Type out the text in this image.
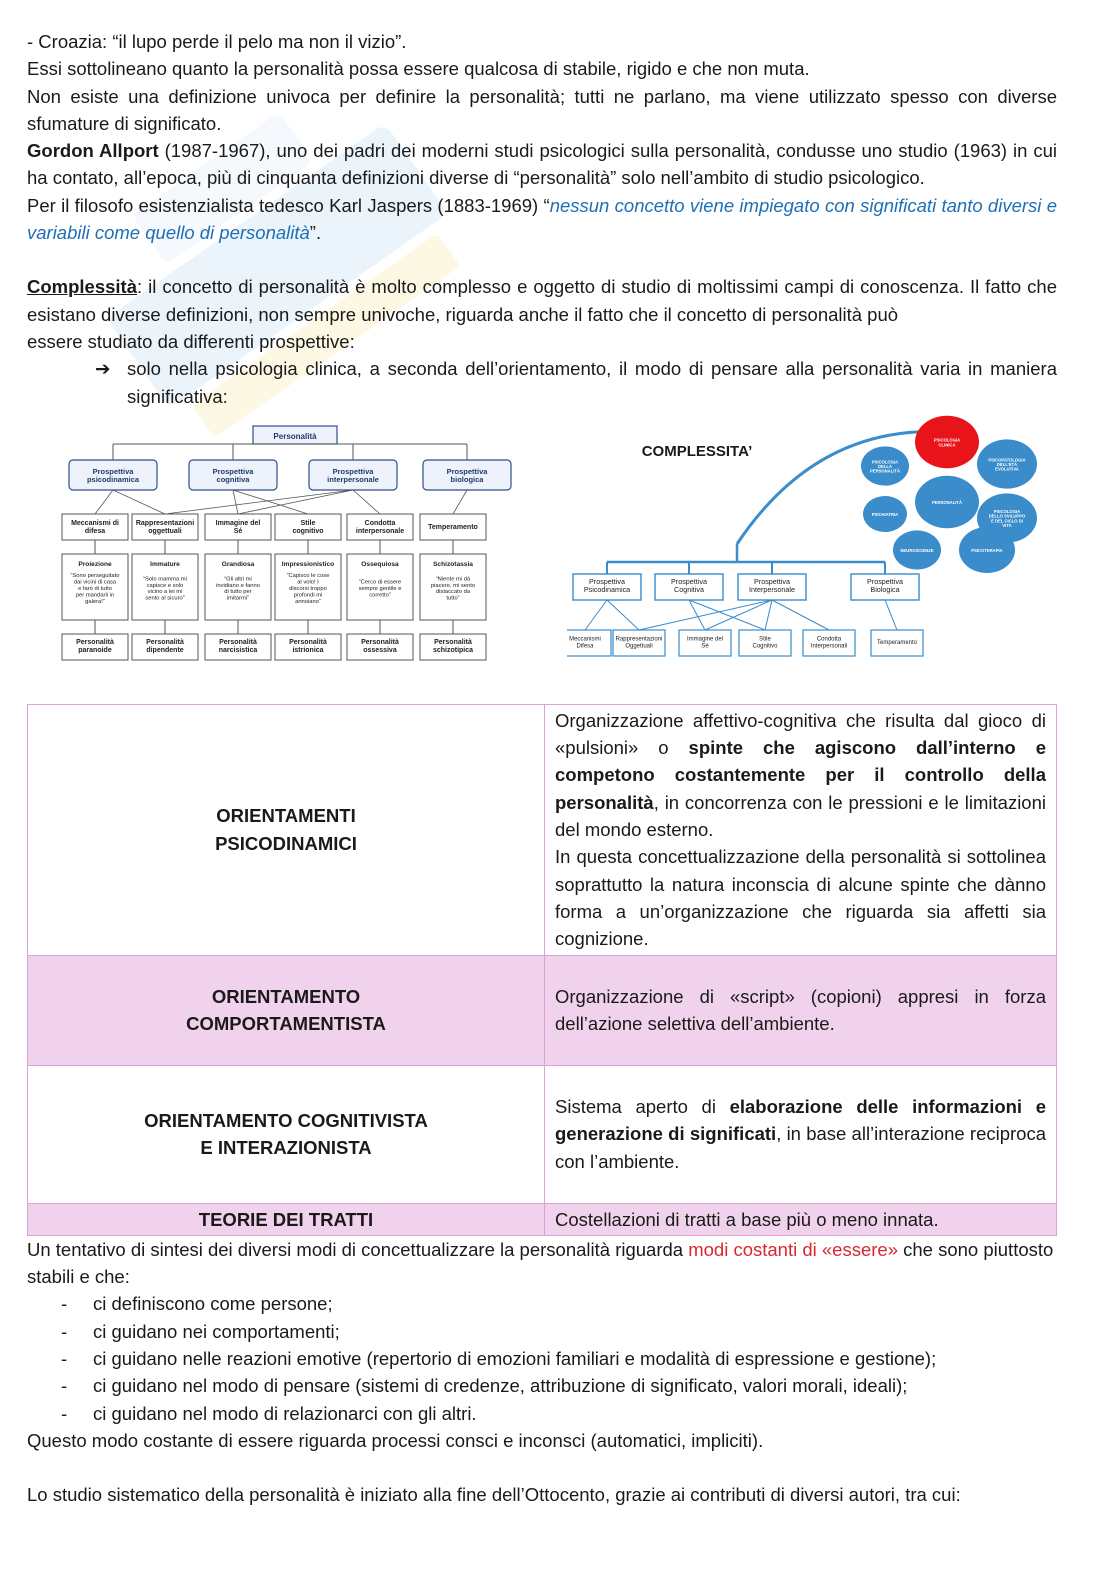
- Croazia: “il lupo perde il pelo ma non il vizio”.

Essi sottolineano quanto la personalità possa essere qualcosa di stabile, rigido e che non muta.

Non esiste una definizione univoca per definire la personalità; tutti ne parlano, ma viene utilizzato spesso con diverse sfumature di significato.

Gordon Allport (1987-1967), uno dei padri dei moderni studi psicologici sulla personalità, condusse uno studio (1963) in cui ha contato, all’epoca, più di cinquanta definizioni diverse di “personalità” solo nell’ambito di studio psicologico.

Per il filosofo esistenzialista tedesco Karl Jaspers (1883-1969) “nessun concetto viene impiegato con significati tanto diversi e variabili come quello di personalità”.

Complessità: il concetto di personalità è molto complesso e oggetto di studio di moltissimi campi di conoscenza. Il fatto che esistano diverse definizioni, non sempre univoche, riguarda anche il fatto che il concetto di personalità può

essere studiato da differenti prospettive:

➔ solo nella psicologia clinica, a seconda dell’orientamento, il modo di pensare alla personalità varia in maniera significativa:
Personalità
Prospettiva psicodinamica
Prospettiva cognitiva
Prospettiva interpersonale
Prospettiva biologica
Meccanismi di difesa
Proiezione
“Sono perseguitato dai vicini di casa e farò di tutto per mandarli in galera!”
Personalità paranoide
Rappresentazioni oggettuali
Immature
“Solo mamma mi capisce e solo vicino a lei mi sento al sicuro”
Personalità dipendente
Immagine del Sé
Grandiosa
“Gli altri mi invidiano e fanno di tutto per imitarmi”
Personalità narcisistica
Stile cognitivo
Impressionistico
“Capisco le cose al volo! I discorsi troppo profondi mi annoiano”
Personalità istrionica
Condotta interpersonale
Ossequiosa
“Cerco di essere sempre gentile e corretto”
Personalità ossessiva
Temperamento
Schizotassia
“Niente mi dà piacere, mi sento distaccato da tutto”
Personalità schizotipica
COMPLESSITA’
PSICOLOGIA CLINICA
PSICOLOGIA DELLA PERSONALITÀ
PSICOPATOLOGIA DELL’ETÀ EVOLUTIVA
PSICHIATRIA
PERSONALITÀ
PSICOLOGIA DELLO SVILUPPO E DEL CICLO DI VITA
NEUROSCIENZE	PSICOTERAPIA
Prospettiva Psicodinamica
Prospettiva Cognitiva
Prospettiva Interpersonale
Prospettiva Biologica
Meccanismi Difesa
Rappresentazioni Oggettuali
Immagine del Sé
Stile Cognitivo
Condotta Interpersonali
Temperamento
ORIENTAMENTI
PSICODINAMICI	Organizzazione affettivo-cognitiva che risulta dal gioco di «pulsioni» o spinte che agiscono dall’interno e competono costantemente per il controllo della personalità, in concorrenza con le pressioni e le limitazioni del mondo esterno.
In questa concettualizzazione della personalità si sottolinea soprattutto la natura inconscia di alcune spinte che dànno forma a un’organizzazione che riguarda sia affetti sia cognizione.
ORIENTAMENTO
COMPORTAMENTISTA	Organizzazione di «script» (copioni) appresi in forza dell’azione selettiva dell’ambiente.
ORIENTAMENTO COGNITIVISTA
E INTERAZIONISTA	Sistema aperto di elaborazione delle informazioni e generazione di significati, in base all’interazione reciproca con l’ambiente.
TEORIE DEI TRATTI	Costellazioni di tratti a base più o meno innata.

Un tentativo di sintesi dei diversi modi di concettualizzare la personalità riguarda modi costanti di «essere» che sono piuttosto stabili e che:

- ci definiscono come persone;
- ci guidano nei comportamenti;
- ci guidano nelle reazioni emotive (repertorio di emozioni familiari e modalità di espressione e gestione);
- ci guidano nel modo di pensare (sistemi di credenze, attribuzione di significato, valori morali, ideali);
- ci guidano nel modo di relazionarci con gli altri.

Questo modo costante di essere riguarda processi consci e inconsci (automatici, impliciti).

Lo studio sistematico della personalità è iniziato alla fine dell’Ottocento, grazie ai contributi di diversi autori, tra cui:
